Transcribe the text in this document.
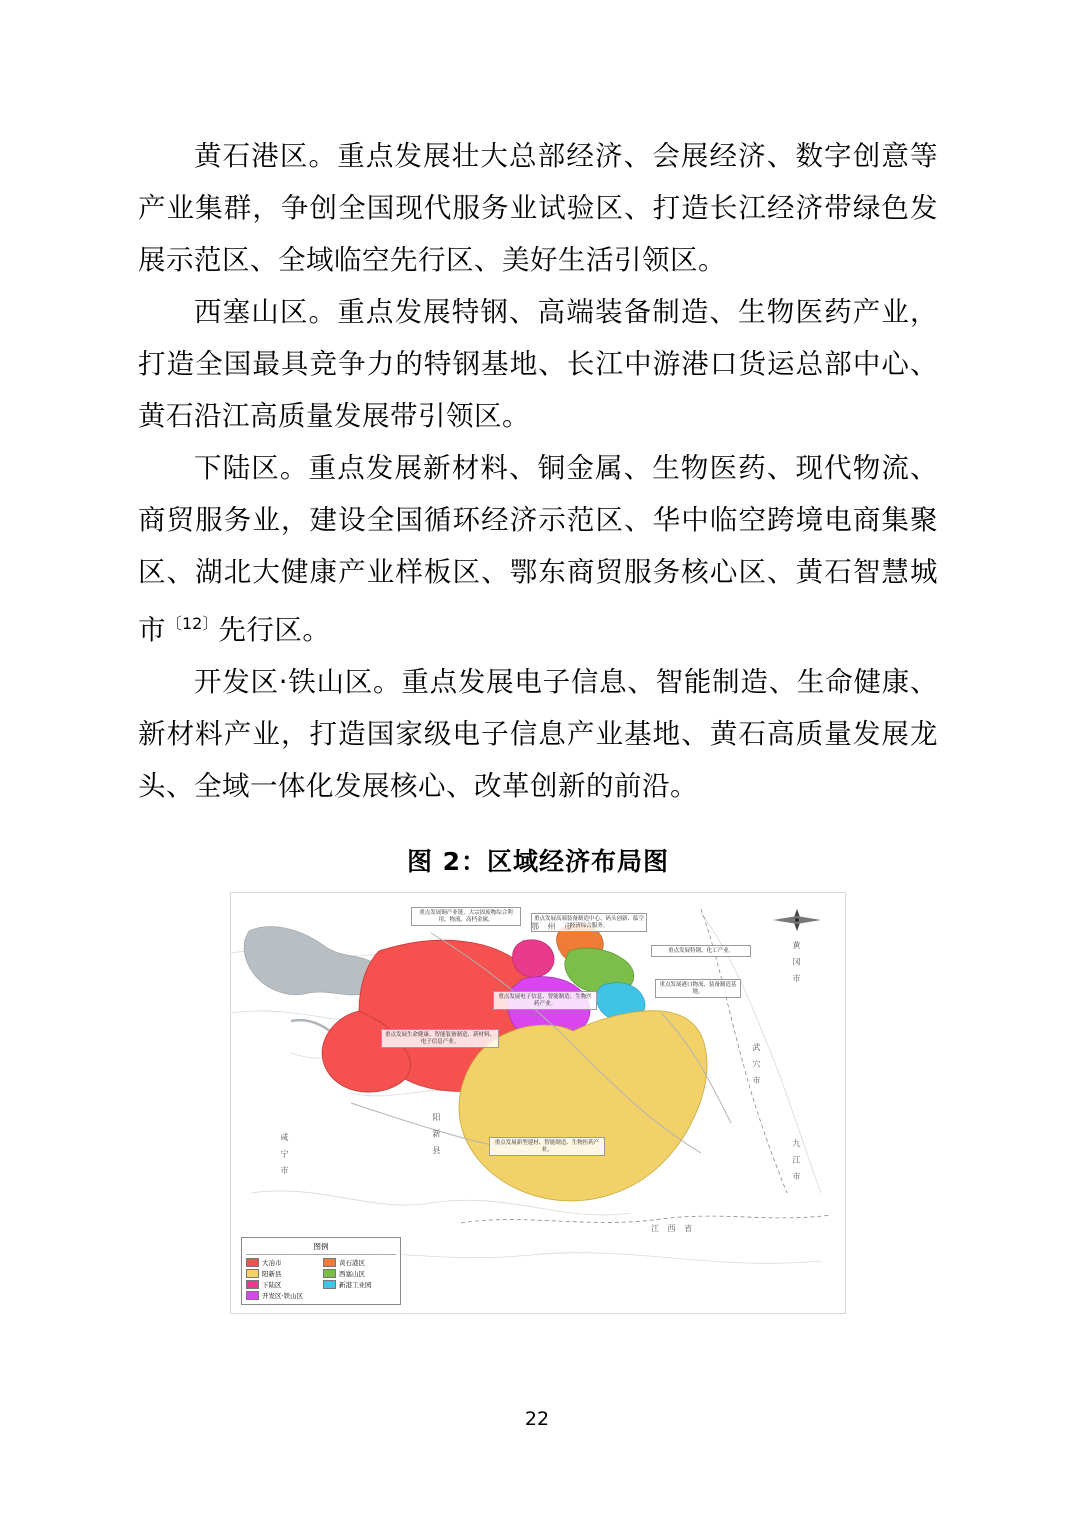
黄石港区。重点发展壮大总部经济、会展经济、数字创意等产业集群，争创全国现代服务业试验区、打造长江经济带绿色发展示范区、全域临空先行区、美好生活引领区。

西塞山区。重点发展特钢、高端装备制造、生物医药产业，打造全国最具竞争力的特钢基地、长江中游港口货运总部中心、黄石沿江高质量发展带引领区。

下陆区。重点发展新材料、铜金属、生物医药、现代物流、商贸服务业，建设全国循环经济示范区、华中临空跨境电商集聚区、湖北大健康产业样板区、鄂东商贸服务核心区、黄石智慧城市$^{〔12〕}$先行区。

开发区·铁山区。重点发展电子信息、智能制造、生命健康、新材料产业，打造国家级电子信息产业基地、黄石高质量发展龙头、全域一体化发展核心、改革创新的前沿。

图 2：区域经济布局图
重点发展铜产业链、大宗固废物综合利用、物流、高档金属。	重点发展高端装备制造中心、码头创新、临空经济综合服务。
重点发展特钢、化工产业。
重点发展港口物流、装备制造基地。
重点发展电子信息、智能制造、生物医药产业。
重点发展生命健康、智能装备制造、新材料、电子信息产业。
重点发展新型建材、智能制造、生物医药产业。
鄂 州 市
黄 冈 市
武 穴 市
咸 宁 市	阳 新 县
九 江 市
江 西 省
图例
大冶市	黄石港区
阳新县	西塞山区
下陆区	新港工业园
开发区·铁山区
22
